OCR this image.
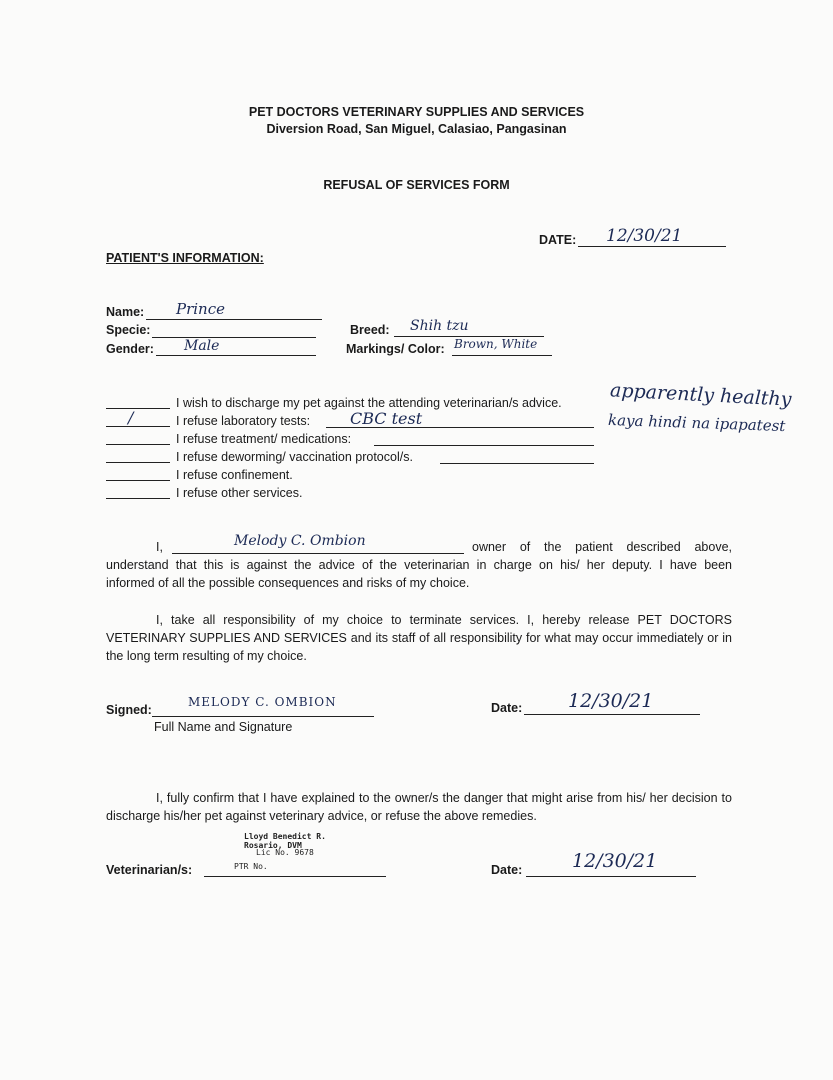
PET DOCTORS VETERINARY SUPPLIES AND SERVICES
Diversion Road, San Miguel, Calasiao, Pangasinan
REFUSAL OF SERVICES FORM
DATE: 12/30/21
PATIENT'S INFORMATION:
Name: Prince
Specie:
Gender: Male
Breed: Shih tzu
Markings/ Color: Brown, White
I wish to discharge my pet against the attending veterinarian/s advice.
/	I refuse laboratory tests: CBC test
I refuse treatment/ medications:
I refuse deworming/ vaccination protocol/s.
I refuse confinement.
I refuse other services.
apparently healthy
kaya hindi na ipapatest
I,	Melody C. Ombion	owner of the patient described above,
understand that this is against the advice of the veterinarian in charge on his/ her deputy. I have been
informed of all the possible consequences and risks of my choice.
I, take all responsibility of my choice to terminate services. I, hereby release PET DOCTORS VETERINARY SUPPLIES AND SERVICES and its staff of all responsibility for what may occur immediately or in the long term resulting of my choice.
Signed:
MELODY C. OMBION
Full Name and Signature
Date: 12/30/21
I, fully confirm that I have explained to the owner/s the danger that might arise from his/ her decision to discharge his/her pet against veterinary advice, or refuse the above remedies.
Veterinarian/s:
Lloyd Benedict R. Rosario, DVM
Lic No. 9678
PTR No.	Date:	12/30/21
